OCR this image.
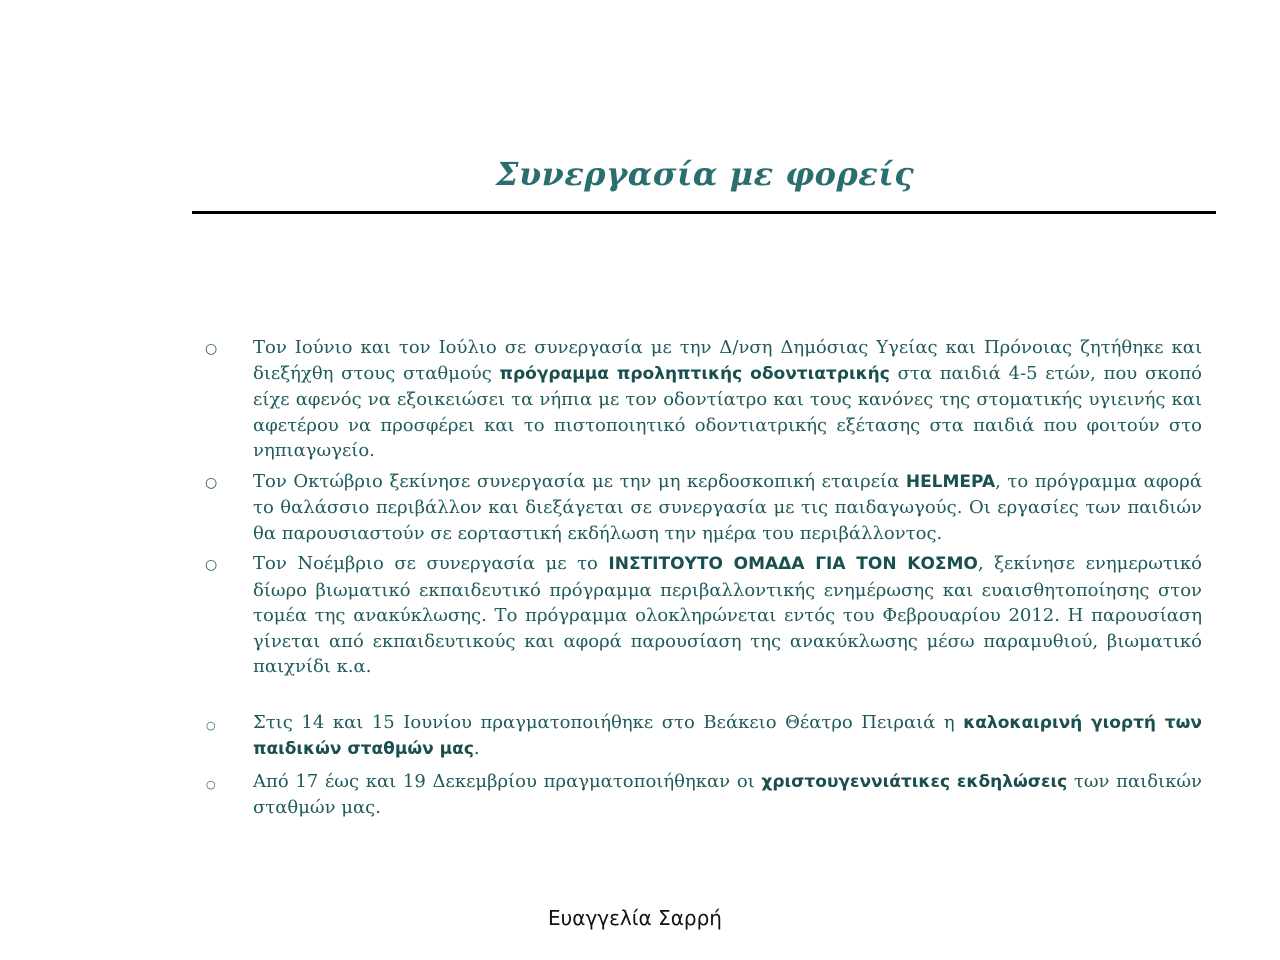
Συνεργασία με φορείς
○ Τον Ιούνιο και τον Ιούλιο σε συνεργασία με την Δ/νση Δημόσιας Υγείας και Πρόνοιας ζητήθηκε και διεξήχθη στους σταθμούς πρόγραμμα προληπτικής οδοντιατρικής στα παιδιά 4-5 ετών, που σκοπό είχε αφενός να εξοικειώσει τα νήπια με τον οδοντίατρο και τους κανόνες της στοματικής υγιεινής και αφετέρου να προσφέρει και το πιστοποιητικό οδοντιατρικής εξέτασης στα παιδιά που φοιτούν στο νηπιαγωγείο.
○ Τον Οκτώβριο ξεκίνησε συνεργασία με την μη κερδοσκοπική εταιρεία HELMEPA, το πρόγραμμα αφορά το θαλάσσιο περιβάλλον και διεξάγεται σε συνεργασία με τις παιδαγωγούς. Οι εργασίες των παιδιών θα παρουσιαστούν σε εορταστική εκδήλωση την ημέρα του περιβάλλοντος.
○ Τον Νοέμβριο σε συνεργασία με το ΙΝΣΤΙΤΟΥΤΟ ΟΜΑΔΑ ΓΙΑ ΤΟΝ ΚΟΣΜΟ, ξεκίνησε ενημερωτικό δίωρο βιωματικό εκπαιδευτικό πρόγραμμα περιβαλλοντικής ενημέρωσης και ευαισθητοποίησης στον τομέα της ανακύκλωσης. Το πρόγραμμα ολοκληρώνεται εντός του Φεβρουαρίου 2012. Η παρουσίαση γίνεται από εκπαιδευτικούς και αφορά παρουσίαση της ανακύκλωσης μέσω παραμυθιού, βιωματικό παιχνίδι κ.α.
○ Στις 14 και 15 Ιουνίου πραγματοποιήθηκε στο Βεάκειο Θέατρο Πειραιά η καλοκαιρινή γιορτή των παιδικών σταθμών μας.
○ Από 17 έως και 19 Δεκεμβρίου πραγματοποιήθηκαν οι χριστουγεννιάτικες εκδηλώσεις των παιδικών σταθμών μας.
Ευαγγελία Σαρρή
